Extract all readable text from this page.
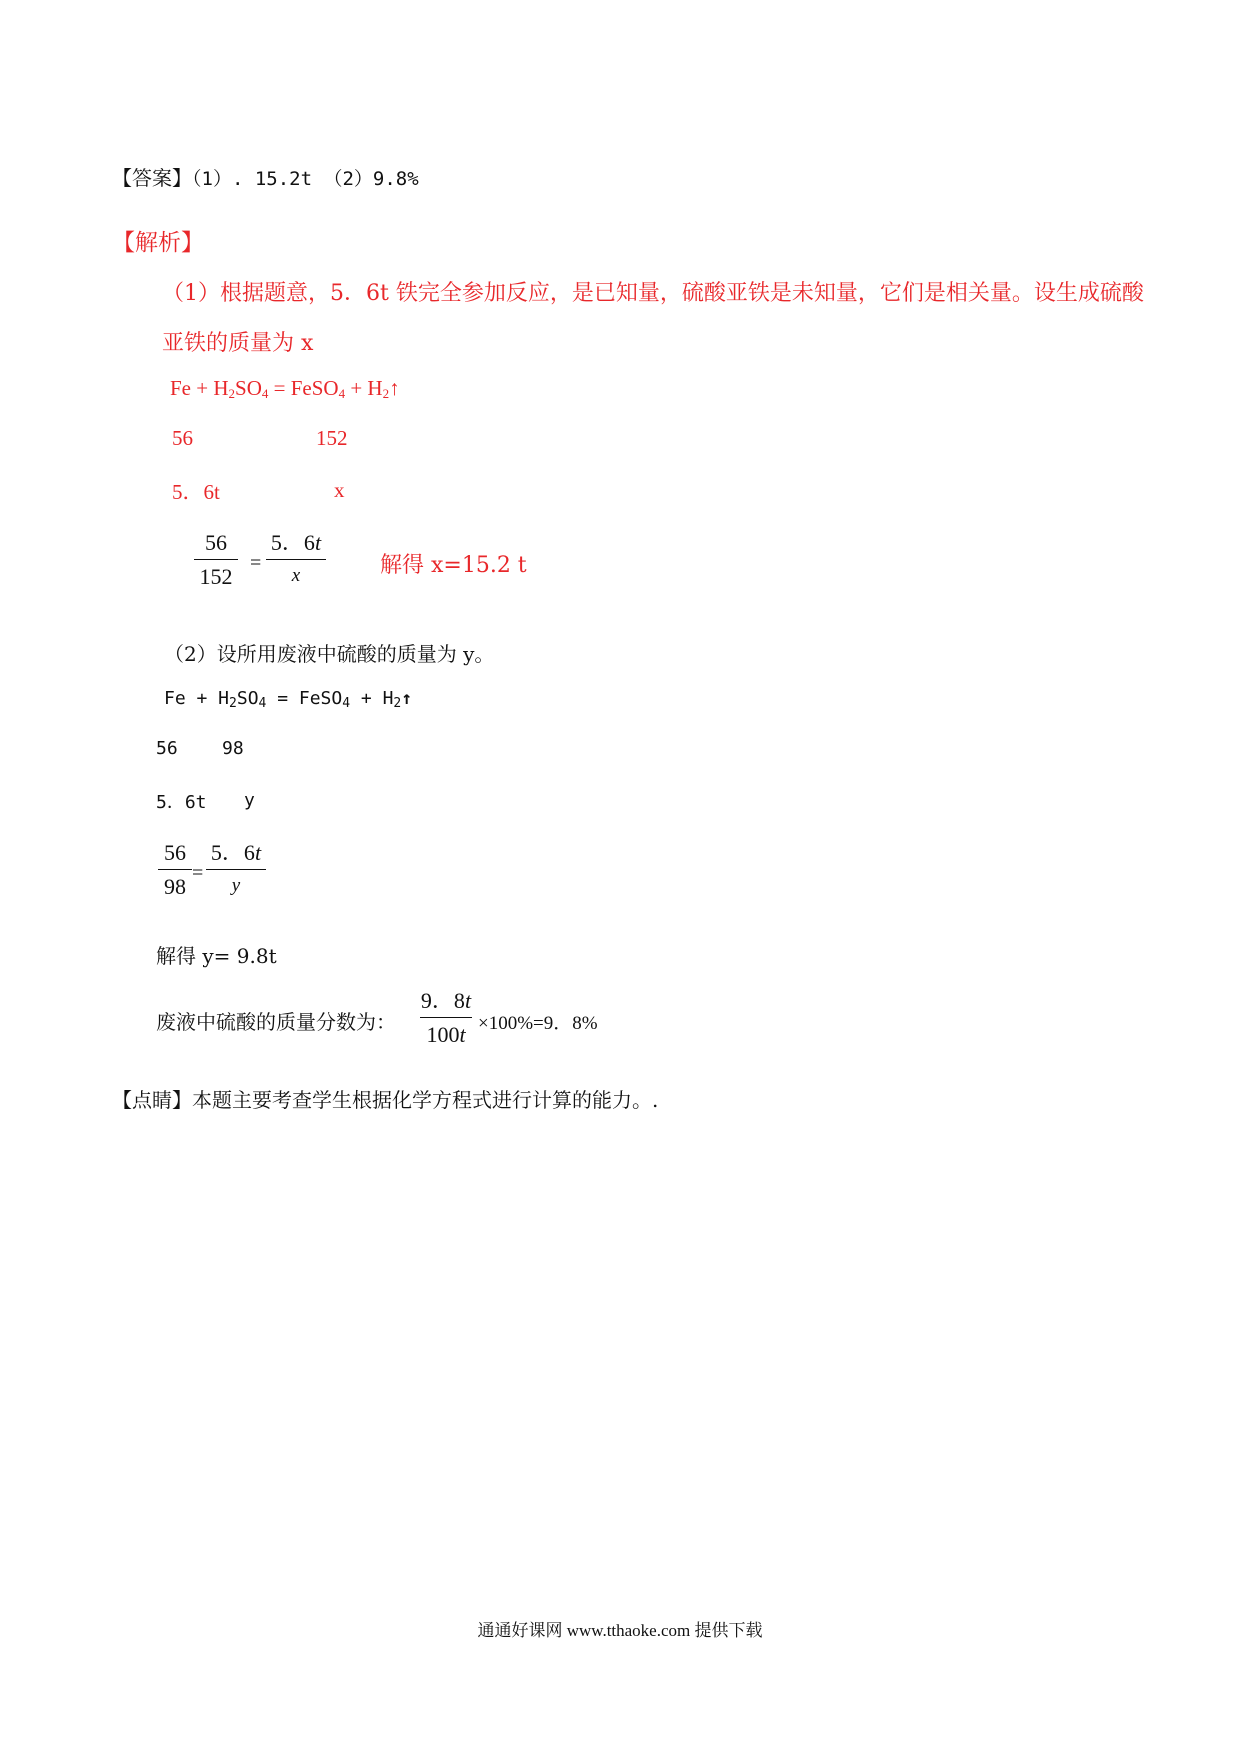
【答案】（1）. 15.2t （2）9.8%
【解析】
（1）根据题意，5．6t 铁完全参加反应，是已知量，硫酸亚铁是未知量，它们是相关量。设生成硫酸
亚铁的质量为 x
$Fe + H_2SO_4$ = FeSO$_4$ + $H_2↑$
56	152
5．6t	x
56
152
=
5．6t
x	解得 x=15.2 t
（2）设所用废液中硫酸的质量为 y。
$Fe + H_2SO_4$ = FeSO$_4$ + $H_2↑$
56 98
5．6t y
56
98
=
5．6t
y
解得 y= 9.8t
废液中硫酸的质量分数为：
9．8t
100t ×100%=9．8%
【点睛】本题主要考查学生根据化学方程式进行计算的能力。.
通通好课网 www.tthaoke.com 提供下载
